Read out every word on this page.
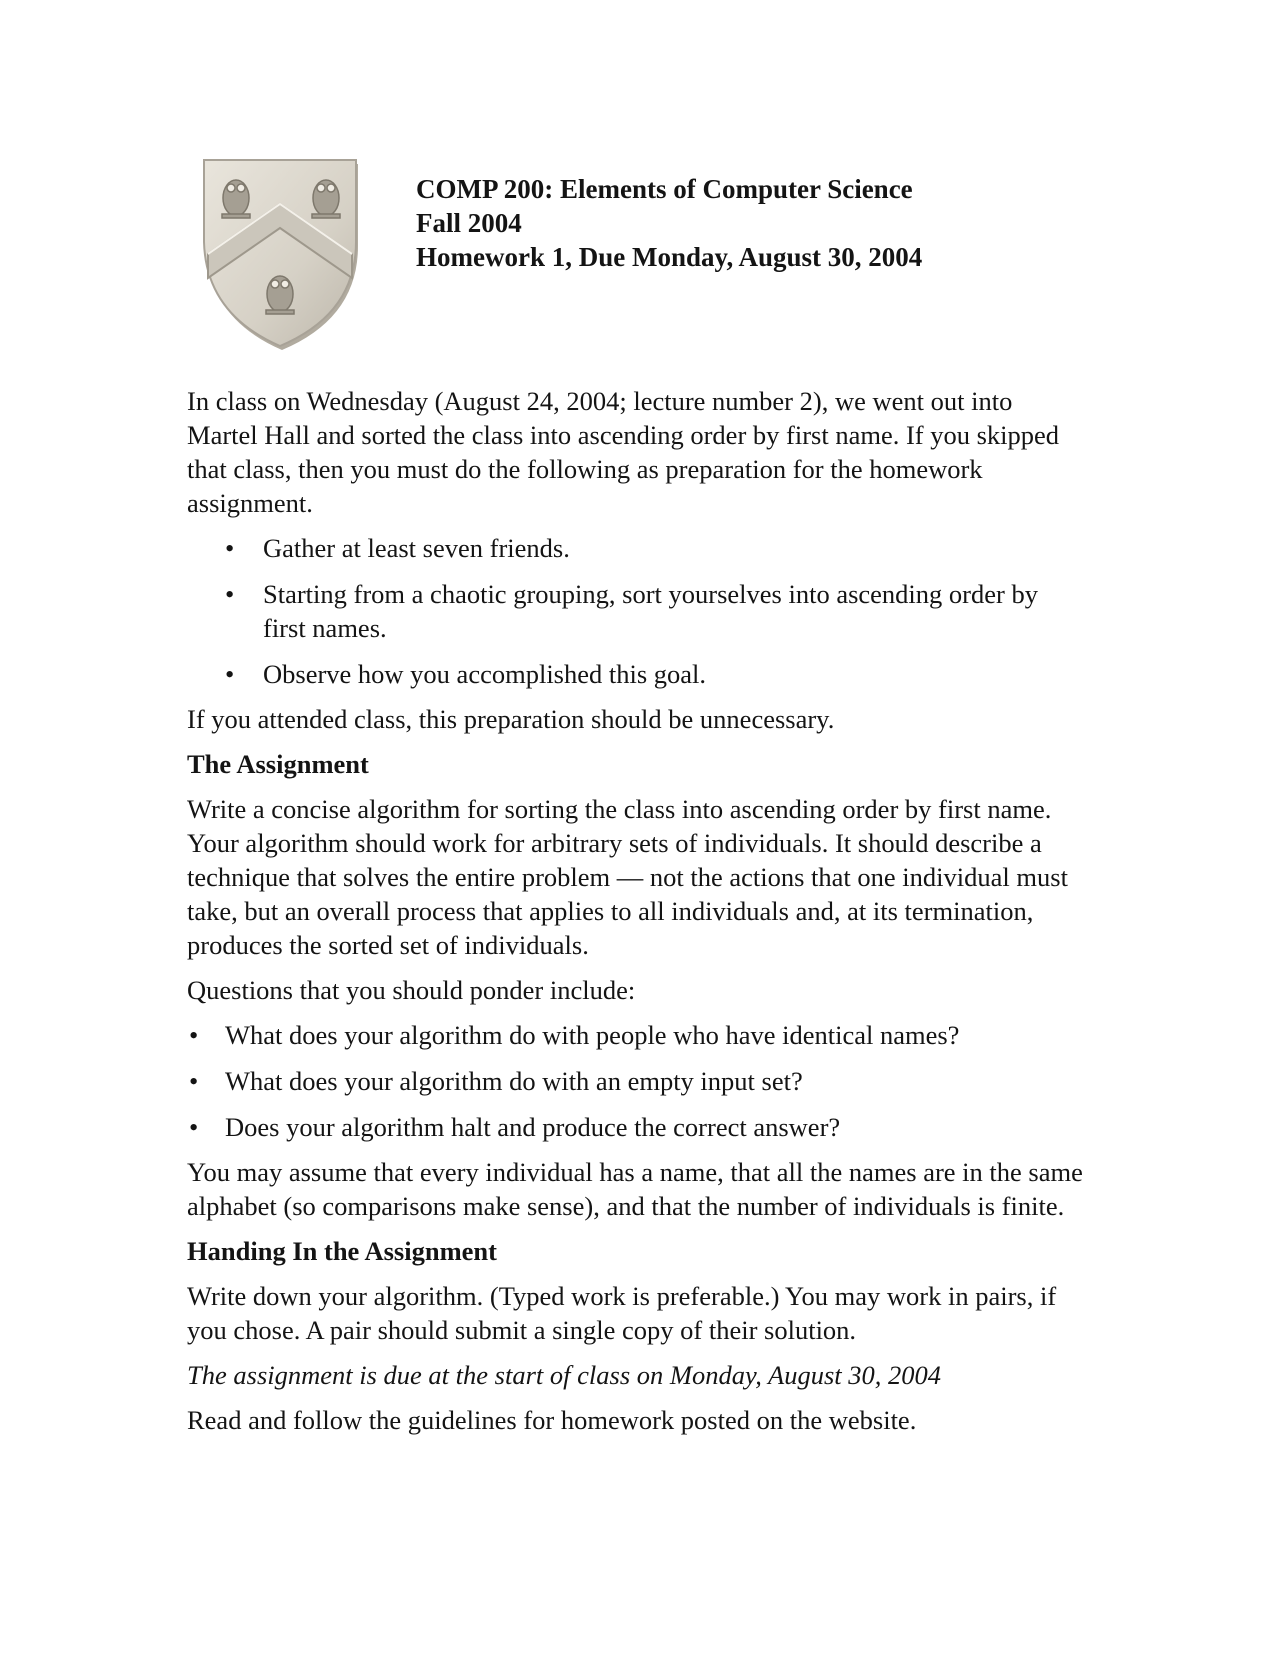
COMP 200: Elements of Computer Science
Fall 2004
Homework 1, Due Monday, August 30, 2004

In class on Wednesday (August 24, 2004; lecture number 2), we went out into Martel Hall and sorted the class into ascending order by first name. If you skipped that class, then you must do the following as preparation for the homework assignment.

• Gather at least seven friends.
• Starting from a chaotic grouping, sort yourselves into ascending order by first names.
• Observe how you accomplished this goal.

If you attended class, this preparation should be unnecessary.

The Assignment

Write a concise algorithm for sorting the class into ascending order by first name. Your algorithm should work for arbitrary sets of individuals. It should describe a technique that solves the entire problem — not the actions that one individual must take, but an overall process that applies to all individuals and, at its termination, produces the sorted set of individuals.

Questions that you should ponder include:

• What does your algorithm do with people who have identical names?
• What does your algorithm do with an empty input set?
• Does your algorithm halt and produce the correct answer?

You may assume that every individual has a name, that all the names are in the same alphabet (so comparisons make sense), and that the number of individuals is finite.

Handing In the Assignment

Write down your algorithm. (Typed work is preferable.) You may work in pairs, if you chose. A pair should submit a single copy of their solution.

The assignment is due at the start of class on Monday, August 30, 2004

Read and follow the guidelines for homework posted on the website.
